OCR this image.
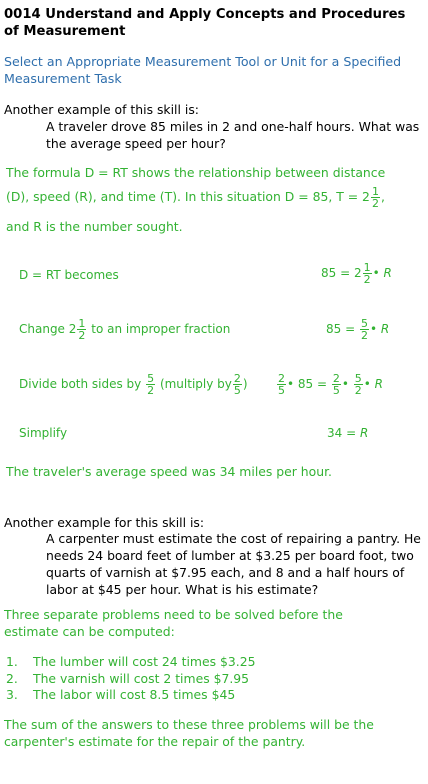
0014 Understand and Apply Concepts and Procedures of Measurement
Select an Appropriate Measurement Tool or Unit for a Specified Measurement Task
Another example of this skill is:
A traveler drove 85 miles in 2 and one-half hours. What was the average speed per hour?
The formula D = RT shows the relationship between distance
(D), speed (R), and time (T). In this situation D = 85, $T = 2 \frac{1}{2}$ ,
and R is the number sought.
D = RT becomes	$85 = 2 \frac{1}{2}$ • R
Change $2 \frac{1}{2}$ to an improper fraction	$85 = \frac{5}{2}$ • R
Divide both sides by $\frac{5}{2}$ (multiply by $\frac{2}{5}$ )	$\frac{2}{5}$ • $85 = \frac{2}{5}$ • $\frac{5}{2}$ • R
Simplify	34 = R
The traveler's average speed was 34 miles per hour.
Another example for this skill is:
A carpenter must estimate the cost of repairing a pantry. He needs 24 board feet of lumber at $3.25 per board foot, two quarts of varnish at $7.95 each, and 8 and a half hours of labor at $45 per hour. What is his estimate?
Three separate problems need to be solved before the estimate can be computed:
1. The lumber will cost 24 times $3.25
2. The varnish will cost 2 times $7.95
3. The labor will cost 8.5 times $45
The sum of the answers to these three problems will be the carpenter's estimate for the repair of the pantry.
